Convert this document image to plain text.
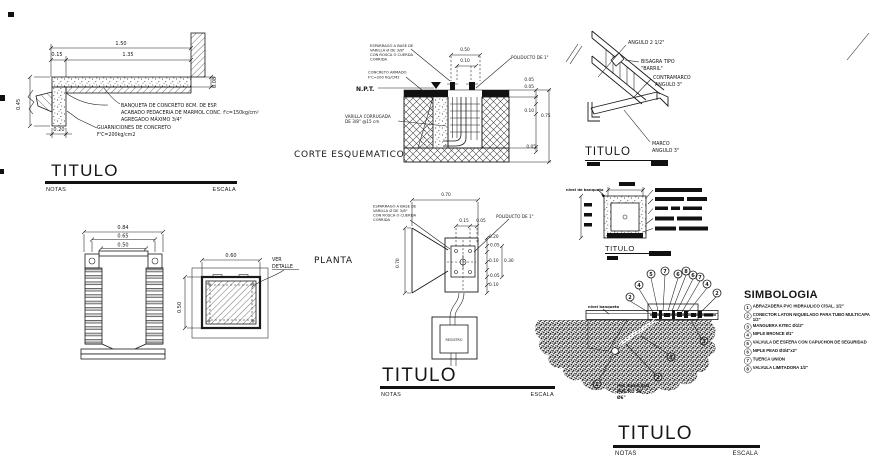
1.50
0.15	1.35
0.45
0.20
0.08
BANQUETA DE CONCRETO 8CM. DE ESP.
ACABADO PEDACERIA DE MARMOL CONC. f'c=150kg/cm²
AGREGADO MÁXIMO 3/4"
GUARNICIONES DE CONCRETO
F'C=200kg/cm2
ESPARRAGO A BASE DE
VARILLA Ø DE 3/8"
CON ROSCA O CUERDA
CORRIDA
CONCRETO ARMADO
F'C=200 KG/CM2
N.P.T.
VARILLA CORRUGADA
DE 3/8" @15 cm
POLIDUCTO DE 1"
0.50
0.10
0.05
0.05
0.10
0.75
0.05
CORTE ESQUEMATICO
ANGULO 2 1/2"
BISAGRA TIPO
"BARRIL"
CONTRAMARCO
ANGULO 3"
MARCO
ANGULO 3"
nivel de banqueta
0.84
0.65
0.50
0.60
0.50
VER
DETALLE
PLANTA
ESPARRAGO A BASE DE
VARILLA Ø DE 3/8"
CON ROSCA O CUERDA
CORRIDA
POLIDUCTO DE 1"
0.70
0.70
0.15 0.05
0.20
0.05
0.10 0.30
0.05
0.10
REGISTRO
2
4
5 7 6 8
6 7
4
2
3
3
2
1
nivel banqueta
red municipal
PVC RD 26
Ø6"
TITULO
NOTAS	ESCALA
TITULO
NOTAS	ESCALA
TITULO
NOTAS	ESCALA
TITULO
TITULO
SIMBOLOGIA
1 ABRAZADERA PVC HIDRAULICO C/SAL. 1/2"
2 CONECTOR LATON NIQUELADO PARA TUBO MULTICAPA 1/2"
3 MANGUERA KITEC Ø1/2"
4 NIPLE BRONCE Ø1"
5 VALVULA DE ESFERA CON CAPUCHON DE SEGURIDAD
6 NIPLE PEAD Ø3/4"x2"
7 TUERCA UNION
8 VALVULA LIMITADORA 1/2"
